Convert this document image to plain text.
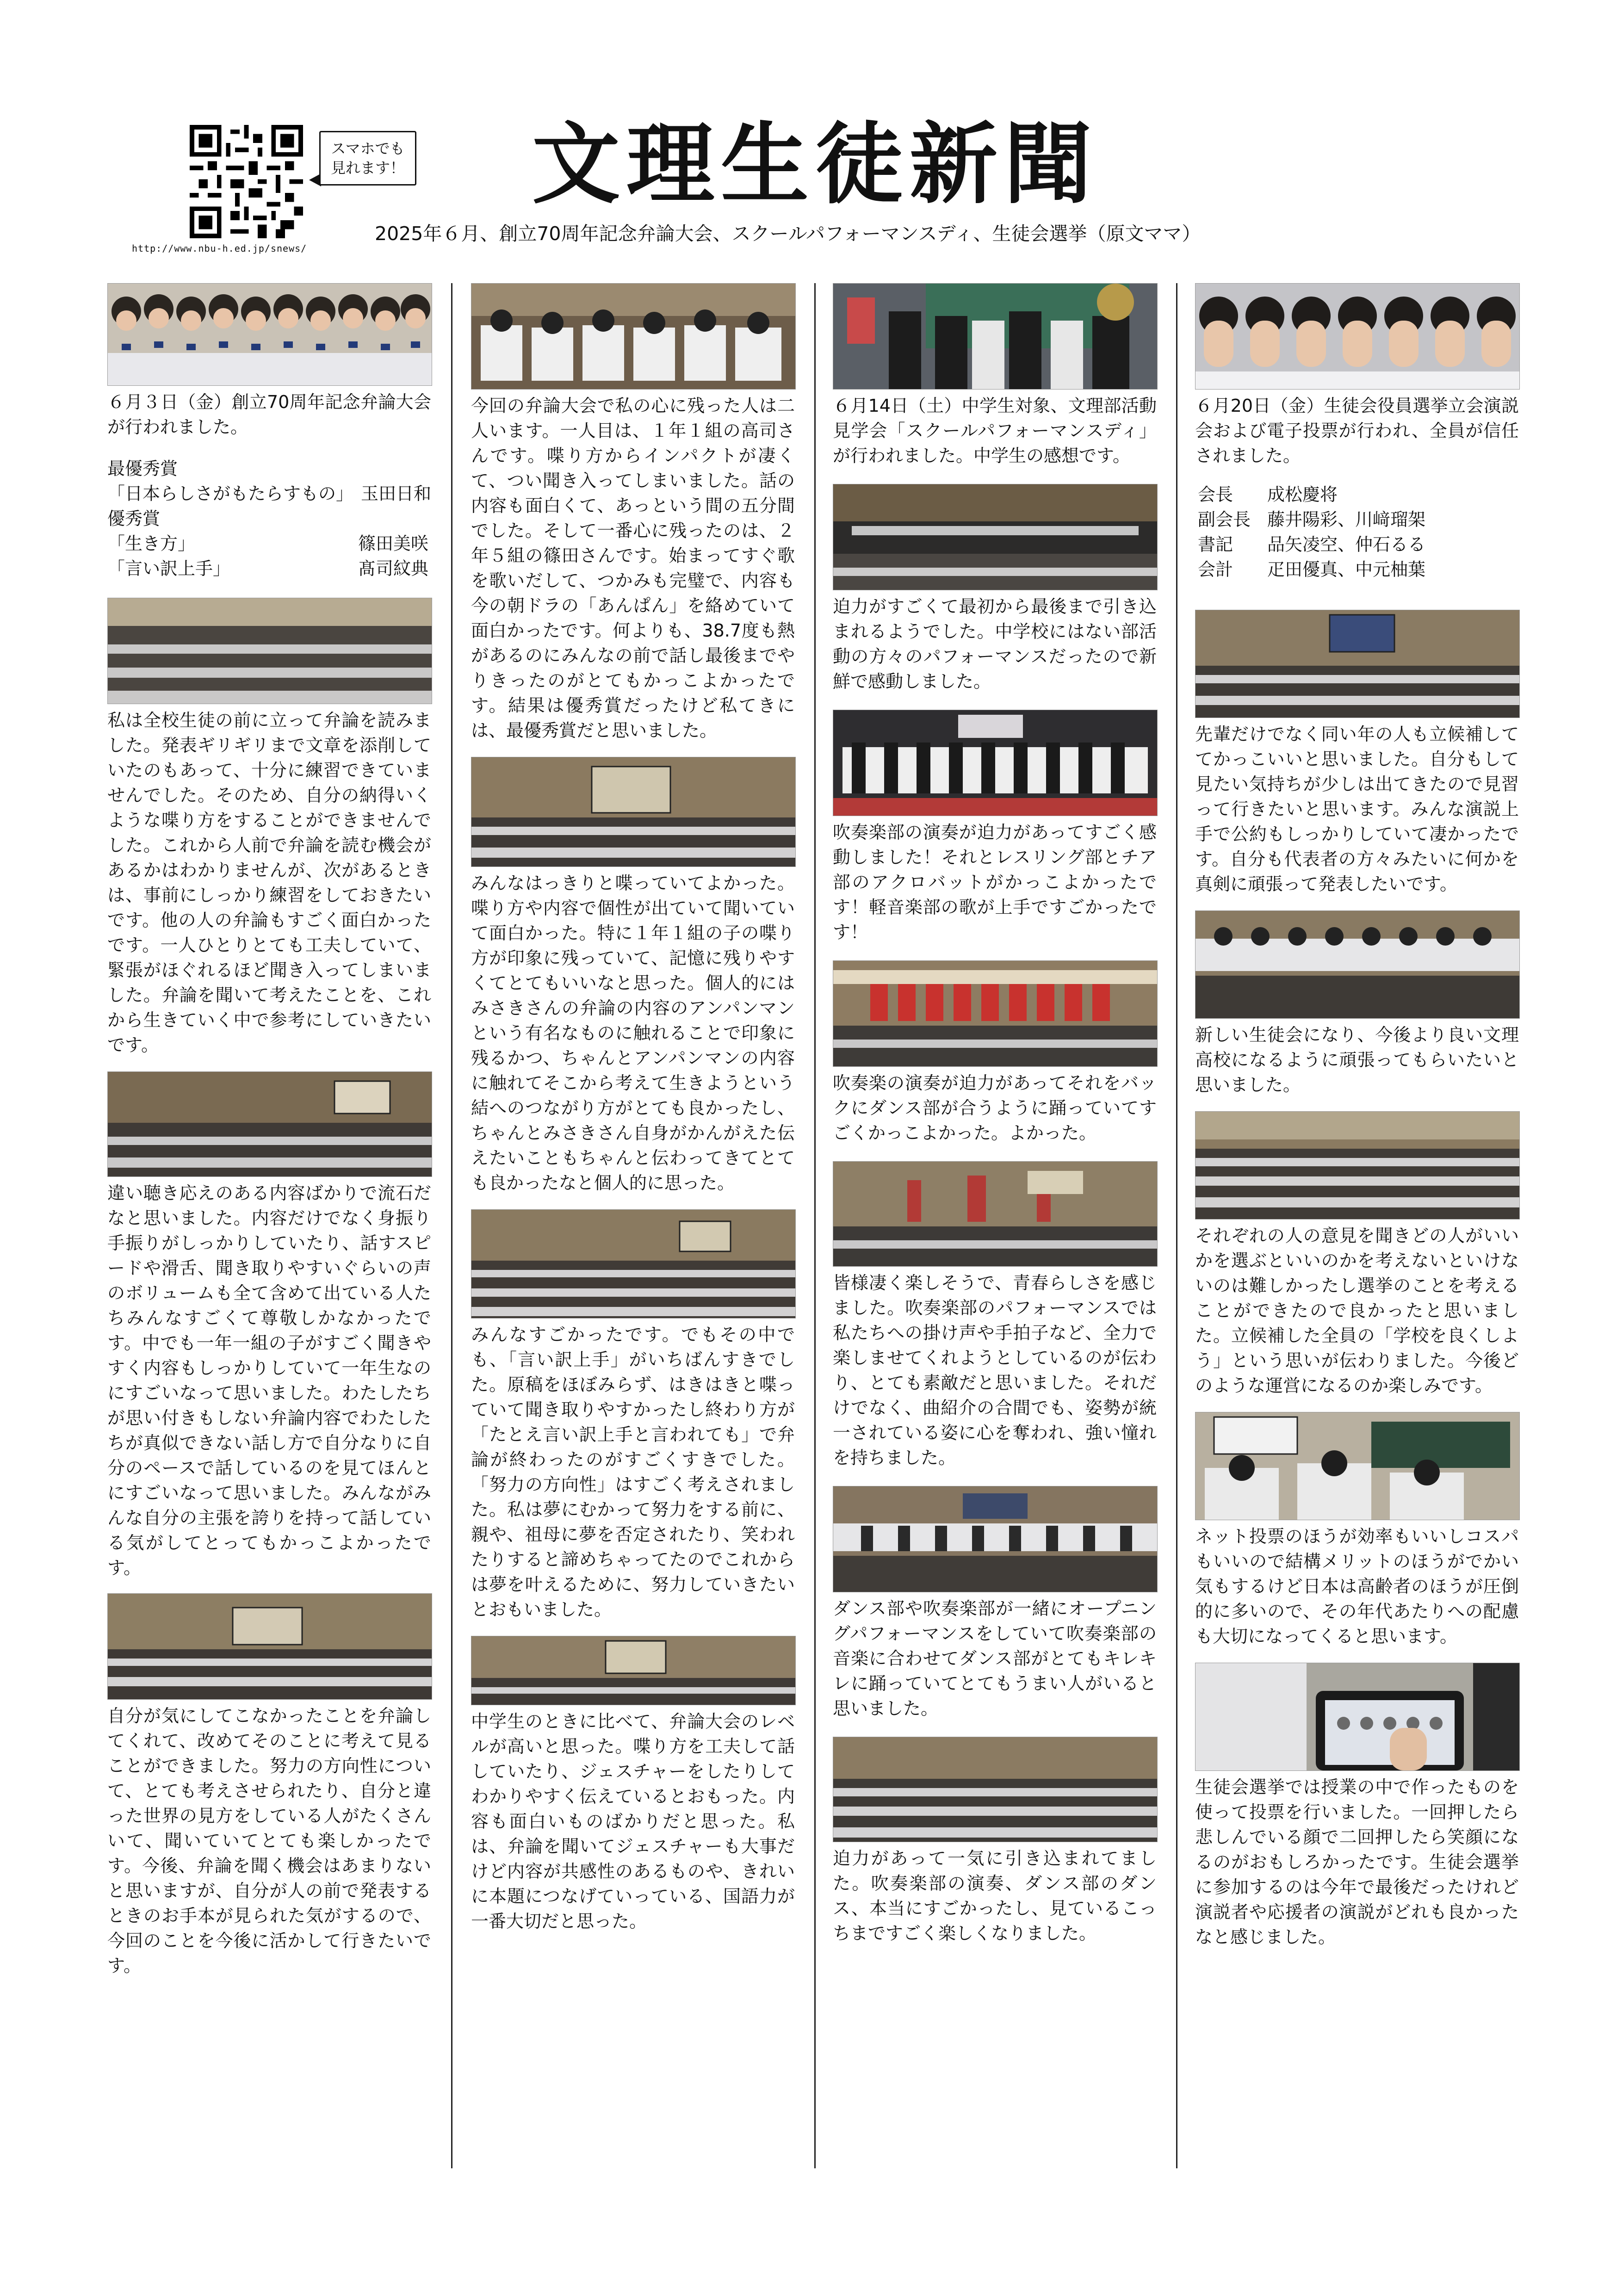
http://www.nbu-h.ed.jp/snews/
スマホでも
見れます！ 文理生徒新聞
2025年６月、創立70周年記念弁論大会、スクールパフォーマンスディ、生徒会選挙（原文ママ）

６月３日（金）創立70周年記念弁論大会が行われました。

最優秀賞
「日本らしさがもたらすもの」 玉田日和
優秀賞
「生き方」	篠田美咲
「言い訳上手」	髙司紋典

私は全校生徒の前に立って弁論を読みました。発表ギリギリまで文章を添削していたのもあって、十分に練習できていませんでした。そのため、自分の納得いくような喋り方をすることができませんでした。これから人前で弁論を読む機会があるかはわかりませんが、次があるときは、事前にしっかり練習をしておきたいです。他の人の弁論もすごく面白かったです。一人ひとりとても工夫していて、緊張がほぐれるほど聞き入ってしまいました。弁論を聞いて考えたことを、これから生きていく中で参考にしていきたいです。

違い聴き応えのある内容ばかりで流石だなと思いました。内容だけでなく身振り手振りがしっかりしていたり、話すスピードや滑舌、聞き取りやすいぐらいの声のボリュームも全て含めて出ている人たちみんなすごくて尊敬しかなかったです。中でも一年一組の子がすごく聞きやすく内容もしっかりしていて一年生なのにすごいなって思いました。わたしたちが思い付きもしない弁論内容でわたしたちが真似できない話し方で自分なりに自分のペースで話しているのを見てほんとにすごいなって思いました。みんながみんな自分の主張を誇りを持って話している気がしてとってもかっこよかったです。

自分が気にしてこなかったことを弁論してくれて、改めてそのことに考えて見ることができました。努力の方向性について、とても考えさせられたり、自分と違った世界の見方をしている人がたくさんいて、聞いていてとても楽しかったです。今後、弁論を聞く機会はあまりないと思いますが、自分が人の前で発表するときのお手本が見られた気がするので、今回のことを今後に活かして行きたいです。

今回の弁論大会で私の心に残った人は二人います。一人目は、１年１組の高司さんです。喋り方からインパクトが凄くて、つい聞き入ってしまいました。話の内容も面白くて、あっという間の五分間でした。そして一番心に残ったのは、２年５組の篠田さんです。始まってすぐ歌を歌いだして、つかみも完璧で、内容も今の朝ドラの「あんぱん」を絡めていて面白かったです。何よりも、38.7度も熱があるのにみんなの前で話し最後までやりきったのがとてもかっこよかったです。結果は優秀賞だったけど私てきには、最優秀賞だと思いました。

みんなはっきりと喋っていてよかった。喋り方や内容で個性が出ていて聞いていて面白かった。特に１年１組の子の喋り方が印象に残っていて、記憶に残りやすくてとてもいいなと思った。個人的にはみさきさんの弁論の内容のアンパンマンという有名なものに触れることで印象に残るかつ、ちゃんとアンパンマンの内容に触れてそこから考えて生きようという結へのつながり方がとても良かったし、ちゃんとみさきさん自身がかんがえた伝えたいこともちゃんと伝わってきてとても良かったなと個人的に思った。

みんなすごかったです。でもその中でも、「言い訳上手」がいちばんすきでした。原稿をほぼみらず、はきはきと喋っていて聞き取りやすかったし終わり方が「たとえ言い訳上手と言われても」で弁論が終わったのがすごくすきでした。「努力の方向性」はすごく考えされました。私は夢にむかって努力をする前に、親や、祖母に夢を否定されたり、笑われたりすると諦めちゃってたのでこれからは夢を叶えるために、努力していきたいとおもいました。

中学生のときに比べて、弁論大会のレベルが高いと思った。喋り方を工夫して話していたり、ジェスチャーをしたりしてわかりやすく伝えているとおもった。内容も面白いものばかりだと思った。私は、弁論を聞いてジェスチャーも大事だけど内容が共感性のあるものや、きれいに本題につなげていっている、国語力が一番大切だと思った。

６月14日（土）中学生対象、文理部活動見学会「スクールパフォーマンスディ」が行われました。中学生の感想です。

迫力がすごくて最初から最後まで引き込まれるようでした。中学校にはない部活動の方々のパフォーマンスだったので新鮮で感動しました。

吹奏楽部の演奏が迫力があってすごく感動しました！それとレスリング部とチア部のアクロバットがかっこよかったです！軽音楽部の歌が上手ですごかったです！

吹奏楽の演奏が迫力があってそれをバックにダンス部が合うように踊っていてすごくかっこよかった。よかった。

皆様凄く楽しそうで、青春らしさを感じました。吹奏楽部のパフォーマンスでは私たちへの掛け声や手拍子など、全力で楽しませてくれようとしているのが伝わり、とても素敵だと思いました。それだけでなく、曲紹介の合間でも、姿勢が統一されている姿に心を奪われ、強い憧れを持ちました。

ダンス部や吹奏楽部が一緒にオープニングパフォーマンスをしていて吹奏楽部の音楽に合わせてダンス部がとてもキレキレに踊っていてとてもうまい人がいると思いました。

迫力があって一気に引き込まれてました。吹奏楽部の演奏、ダンス部のダンス、本当にすごかったし、見ているこっちまですごく楽しくなりました。

６月20日（金）生徒会役員選挙立会演説会および電子投票が行われ、全員が信任されました。

会長	成松慶将
副会長 藤井陽彩、川﨑瑠架
書記	品矢凌空、仲石るる
会計	疋田優真、中元柚葉

先輩だけでなく同い年の人も立候補しててかっこいいと思いました。自分もして見たい気持ちが少しは出てきたので見習って行きたいと思います。みんな演説上手で公約もしっかりしていて凄かったです。自分も代表者の方々みたいに何かを真剣に頑張って発表したいです。

新しい生徒会になり、今後より良い文理高校になるように頑張ってもらいたいと思いました。

それぞれの人の意見を聞きどの人がいいかを選ぶといいのかを考えないといけないのは難しかったし選挙のことを考えることができたので良かったと思いました。立候補した全員の「学校を良くしよう」という思いが伝わりました。今後どのような運営になるのか楽しみです。

ネット投票のほうが効率もいいしコスパもいいので結構メリットのほうがでかい気もするけど日本は高齢者のほうが圧倒的に多いので、その年代あたりへの配慮も大切になってくると思います。

生徒会選挙では授業の中で作ったものを使って投票を行いました。一回押したら悲しんでいる顔で二回押したら笑顔になるのがおもしろかったです。生徒会選挙に参加するのは今年で最後だったけれど演説者や応援者の演説がどれも良かったなと感じました。
